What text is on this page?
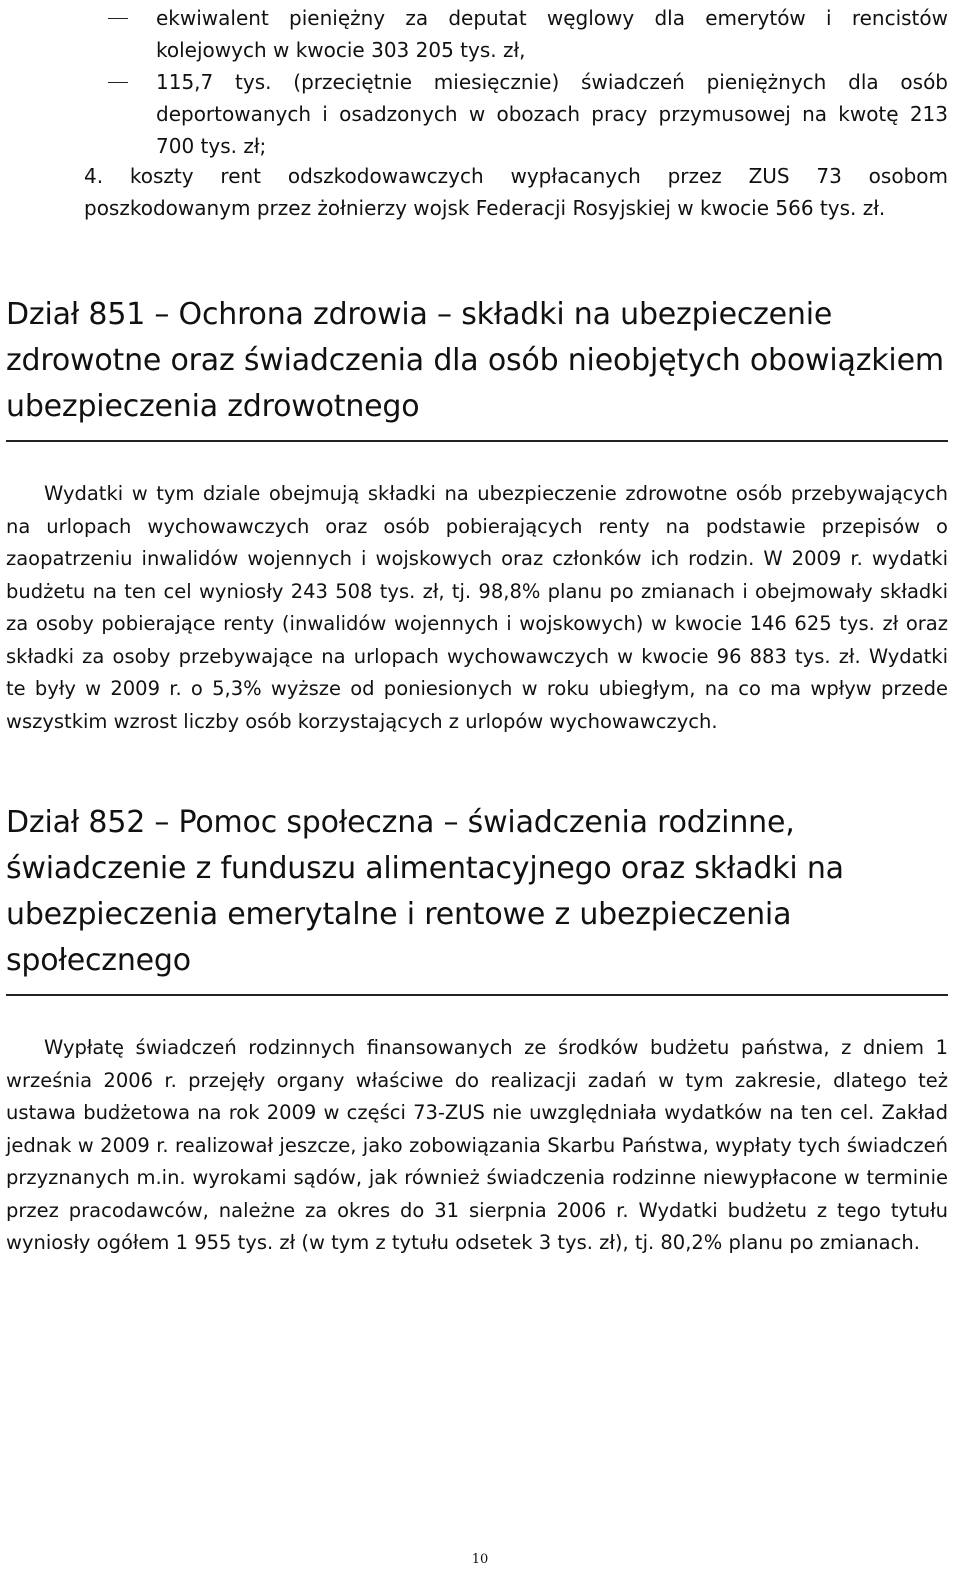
ekwiwalent pieniężny za deputat węglowy dla emerytów i rencistów kolejowych w kwocie 303 205 tys. zł,
115,7 tys. (przeciętnie miesięcznie) świadczeń pieniężnych dla osób deportowanych i osadzonych w obozach pracy przymusowej na kwotę 213 700 tys. zł;
4. koszty rent odszkodowawczych wypłacanych przez ZUS 73 osobom poszkodowanym przez żołnierzy wojsk Federacji Rosyjskiej w kwocie 566 tys. zł.
Dział 851 – Ochrona zdrowia – składki na ubezpieczenie zdrowotne oraz świadczenia dla osób nieobjętych obowiązkiem ubezpieczenia zdrowotnego

Wydatki w tym dziale obejmują składki na ubezpieczenie zdrowotne osób przebywających na urlopach wychowawczych oraz osób pobierających renty na podstawie przepisów o zaopatrzeniu inwalidów wojennych i wojskowych oraz członków ich rodzin. W 2009 r. wydatki budżetu na ten cel wyniosły 243 508 tys. zł, tj. 98,8% planu po zmianach i obejmowały składki za osoby pobierające renty (inwalidów wojennych i wojskowych) w kwocie 146 625 tys. zł oraz składki za osoby przebywające na urlopach wychowawczych w kwocie 96 883 tys. zł. Wydatki te były w 2009 r. o 5,3% wyższe od poniesionych w roku ubiegłym, na co ma wpływ przede wszystkim wzrost liczby osób korzystających z urlopów wychowawczych.

Dział 852 – Pomoc społeczna – świadczenia rodzinne, świadczenie z funduszu alimentacyjnego oraz składki na ubezpieczenia emerytalne i rentowe z ubezpieczenia społecznego

Wypłatę świadczeń rodzinnych finansowanych ze środków budżetu państwa, z dniem 1 września 2006 r. przejęły organy właściwe do realizacji zadań w tym zakresie, dlatego też ustawa budżetowa na rok 2009 w części 73-ZUS nie uwzględniała wydatków na ten cel. Zakład jednak w 2009 r. realizował jeszcze, jako zobowiązania Skarbu Państwa, wypłaty tych świadczeń przyznanych m.in. wyrokami sądów, jak również świadczenia rodzinne niewypłacone w terminie przez pracodawców, należne za okres do 31 sierpnia 2006 r. Wydatki budżetu z tego tytułu wyniosły ogółem 1 955 tys. zł (w tym z tytułu odsetek 3 tys. zł), tj. 80,2% planu po zmianach.

10
